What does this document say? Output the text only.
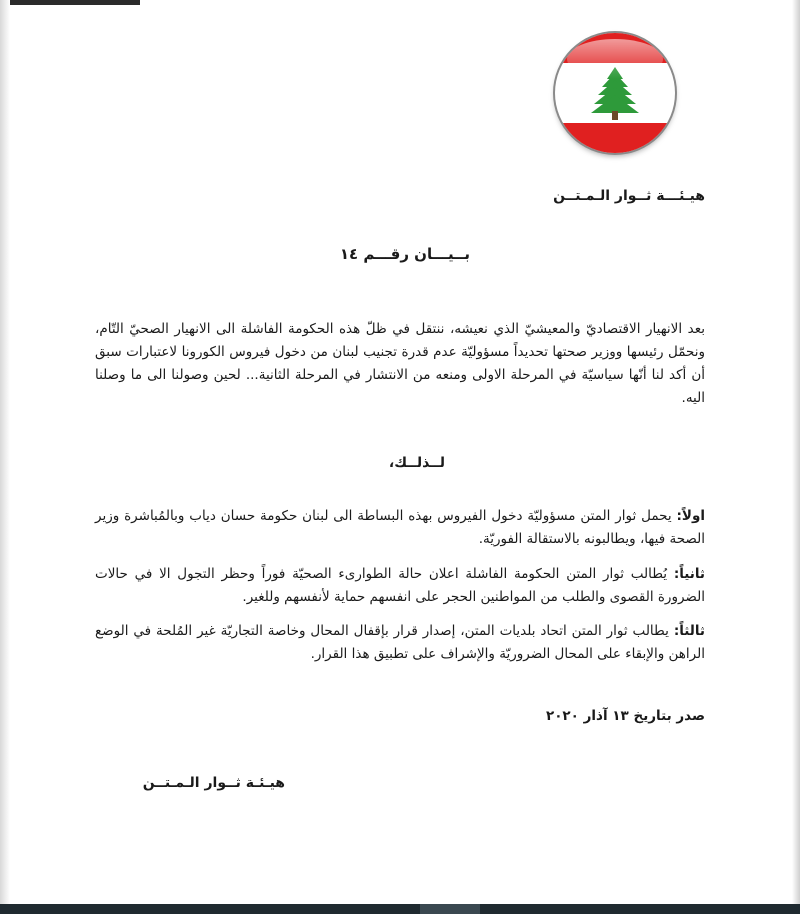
هيـئـــة ثــوار الـمـتــن
بــيـــان رقـــم ١٤
بعد الانهيار الاقتصاديّ والمعيشيّ الذي نعيشه، ننتقل في ظلّ هذه الحكومة الفاشلة الى الانهيار الصحيّ التّام، ونحمّل رئيسها ووزير صحتها تحديداً مسؤوليّة عدم قدرة تجنيب لبنان من دخول فيروس الكورونا لاعتبارات سبق أن أكد لنا أنّها سياسيّة في المرحلة الاولى ومنعه من الانتشار في المرحلة الثانية... لحين وصولنا الى ما وصلنا اليه.
لــذلــك،
اولاً: يحمل ثوار المتن مسؤوليّة دخول الفيروس بهذه البساطة الى لبنان حكومة حسان دياب وبالمُباشرة وزير الصحة فيها، ويطالبونه بالاستقالة الفوريّة.
ثانياً: يُطالب ثوار المتن الحكومة الفاشلة اعلان حالة الطوارىء الصحيّة فوراً وحظر التجول الا في حالات الضرورة القصوى والطلب من المواطنين الحجر على انفسهم حماية لأنفسهم وللغير.
ثالثاً: يطالب ثوار المتن اتحاد بلديات المتن، إصدار قرار بإقفال المحال وخاصة التجاريّة غير المُلحة في الوضع الراهن والإبقاء على المحال الضروريّة والإشراف على تطبيق هذا القرار.
صدر بتاريخ ١٣ آذار ٢٠٢٠
هيـئـة ثــوار الـمـتــن
